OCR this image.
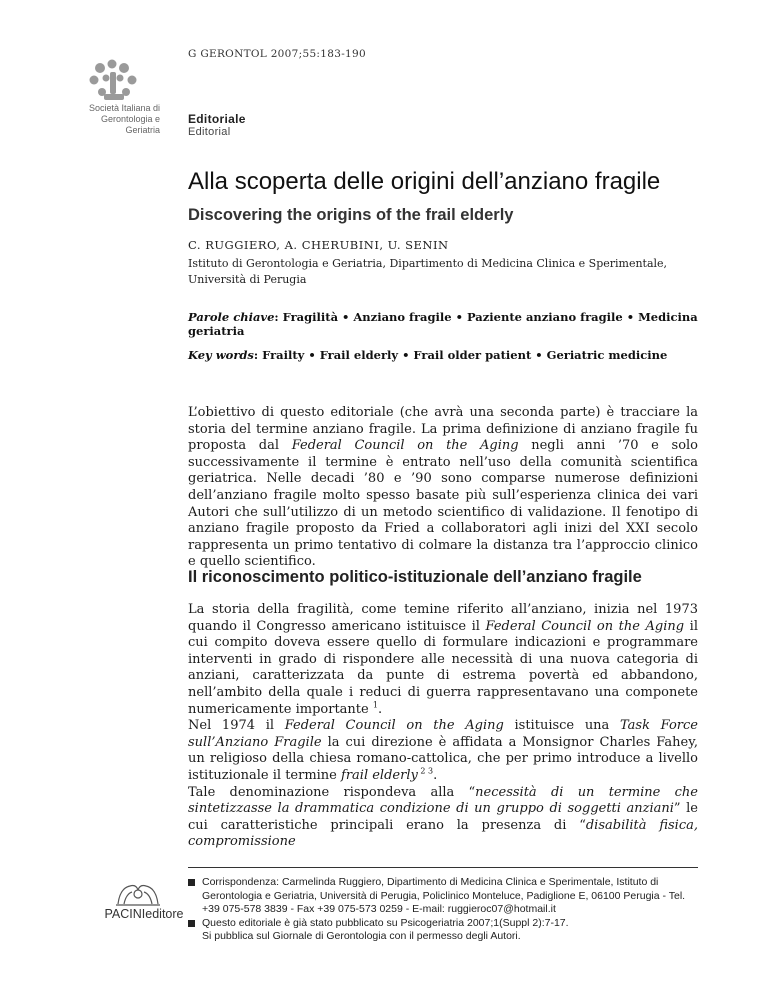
G GERONTOL 2007;55:183-190
Società Italiana di
Gerontologia e
Geriatria
Editoriale
Editorial
Alla scoperta delle origini dell’anziano fragile
Discovering the origins of the frail elderly
C. RUGGIERO, A. CHERUBINI, U. SENIN
Istituto di Gerontologia e Geriatria, Dipartimento di Medicina Clinica e Sperimentale, Università di Perugia
Parole chiave: Fragilità • Anziano fragile • Paziente anziano fragile • Medicina geriatria
Key words: Frailty • Frail elderly • Frail older patient • Geriatric medicine

L’obiettivo di questo editoriale (che avrà una seconda parte) è tracciare la storia del termine anziano fragile. La prima definizione di anziano fragile fu proposta dal Federal Council on the Aging negli anni ’70 e solo successivamente il termine è entrato nell’uso della comunità scientifica geriatrica. Nelle decadi ’80 e ’90 sono comparse numerose definizioni dell’anziano fragile molto spesso basate più sull’esperienza clinica dei vari Autori che sull’utilizzo di un metodo scientifico di validazione. Il fenotipo di anziano fragile proposto da Fried a collaboratori agli inizi del XXI secolo rappresenta un primo tentativo di colmare la distanza tra l’approccio clinico e quello scientifico.

Il riconoscimento politico-istituzionale dell’anziano fragile

La storia della fragilità, come temine riferito all’anziano, inizia nel 1973 quando il Congresso americano istituisce il Federal Council on the Aging il cui compito doveva essere quello di formulare indicazioni e programmare interventi in grado di rispondere alle necessità di una nuova categoria di anziani, caratterizzata da punte di estrema povertà ed abbandono, nell’ambito della quale i reduci di guerra rappresentavano una componete numericamente importante $^1$.

Nel 1974 il Federal Council on the Aging istituisce una Task Force sull’Anziano Fragile la cui direzione è affidata a Monsignor Charles Fahey, un religioso della chiesa romano-cattolica, che per primo introduce a livello istituzionale il termine frail elderly $^{2 3}$.

Tale denominazione rispondeva alla “necessità di un termine che sintetizzasse la drammatica condizione di un gruppo di soggetti anziani” le cui caratteristiche principali erano la presenza di “disabilità fisica, compromissione

Corrispondenza: Carmelinda Ruggiero, Dipartimento di Medicina Clinica e Sperimentale, Istituto di Gerontologia e Geriatria, Università di Perugia, Policlinico Monteluce, Padiglione E, 06100 Perugia - Tel. +39 075-578 3839 - Fax +39 075-573 0259 - E-mail: ruggieroc07@hotmail.it
Questo editoriale è già stato pubblicato su Psicogeriatria 2007;1(Suppl 2):7-17.
Si pubblica sul Giornale di Gerontologia con il permesso degli Autori.
PACINIeditore
